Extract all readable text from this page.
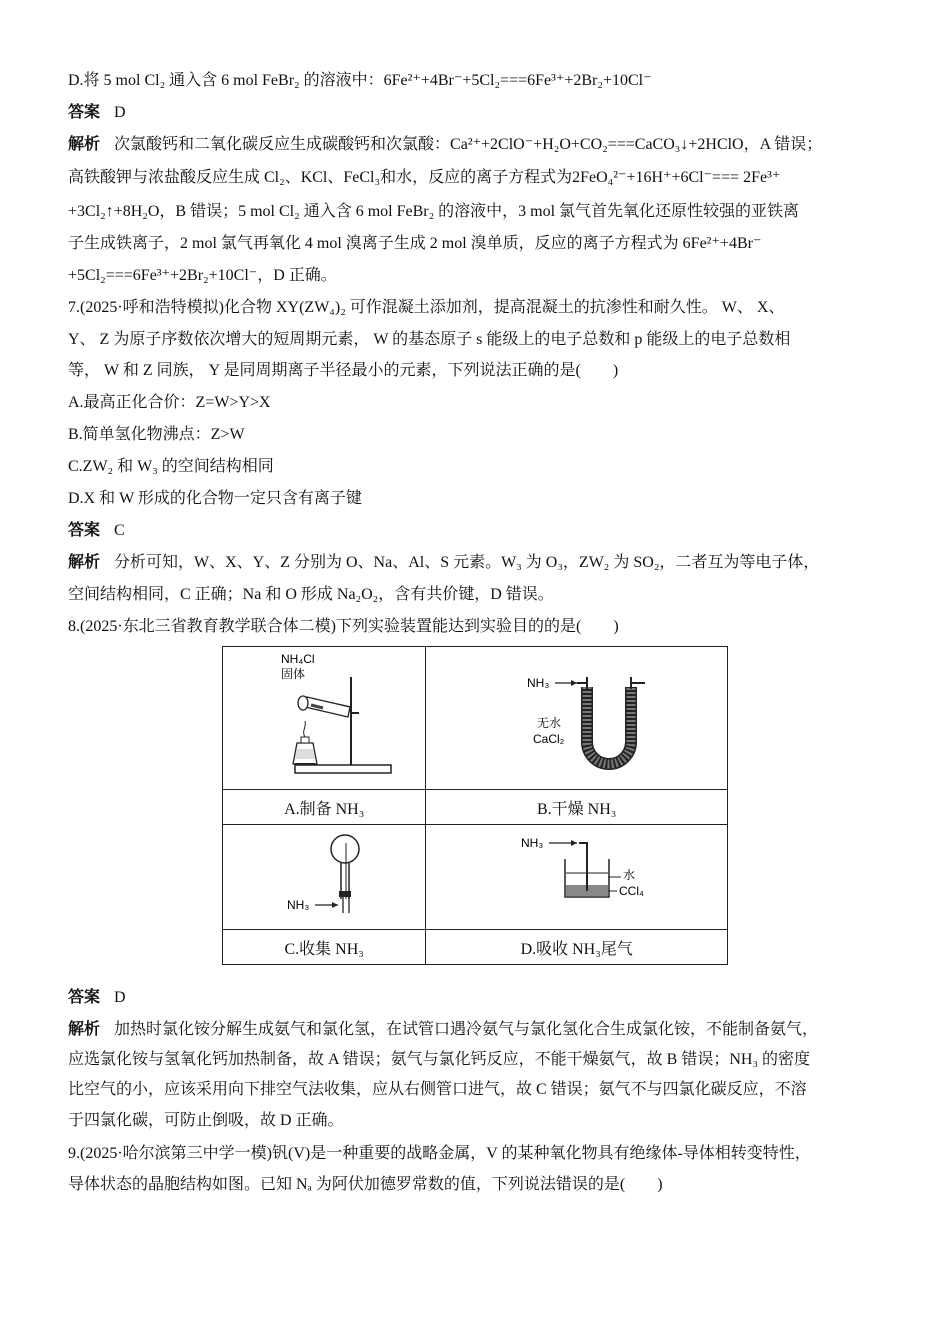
D.将 5 mol Cl₂ 通入含 6 mol FeBr₂ 的溶液中：6Fe²⁺+4Br⁻+5Cl₂===6Fe³⁺+2Br₂+10Cl⁻
答案 D
解析 次氯酸钙和二氧化碳反应生成碳酸钙和次氯酸：Ca²⁺+2ClO⁻+H₂O+CO₂===CaCO₃↓+2HClO，A 错误；
高铁酸钾与浓盐酸反应生成 Cl₂、KCl、FeCl₃和水，反应的离子方程式为2FeO₄²⁻+16H⁺+6Cl⁻=== 2Fe³⁺
+3Cl₂↑+8H₂O，B 错误；5 mol Cl₂ 通入含 6 mol FeBr₂ 的溶液中，3 mol 氯气首先氧化还原性较强的亚铁离
子生成铁离子，2 mol 氯气再氧化 4 mol 溴离子生成 2 mol 溴单质，反应的离子方程式为 6Fe²⁺+4Br⁻
+5Cl₂===6Fe³⁺+2Br₂+10Cl⁻，D 正确。
7.(2025·呼和浩特模拟)化合物 XY(ZW₄)₂ 可作混凝土添加剂，提高混凝土的抗渗性和耐久性。 W、 X、
Y、 Z 为原子序数依次增大的短周期元素， W 的基态原子 s 能级上的电子总数和 p 能级上的电子总数相
等， W 和 Z 同族， Y 是同周期离子半径最小的元素，下列说法正确的是(　　)
A.最高正化合价：Z=W>Y>X
B.简单氢化物沸点：Z>W
C.ZW₂ 和 W₃ 的空间结构相同
D.X 和 W 形成的化合物一定只含有离子键
答案 C
解析 分析可知，W、X、Y、Z 分别为 O、Na、Al、S 元素。W₃ 为 O₃，ZW₂ 为 SO₂，二者互为等电子体，
空间结构相同，C 正确；Na 和 O 形成 Na₂O₂，含有共价键，D 错误。
8.(2025·东北三省教育教学联合体二模)下列实验装置能达到实验目的的是(　　)
NH₄Cl
固体	NH₃
无水
CaCl₂

A.制备 NH₃	B.干燥 NH₃

NH₃	NH₃
水
CCl₄

C.收集 NH₃	D.吸收 NH₃尾气
答案 D
解析 加热时氯化铵分解生成氨气和氯化氢，在试管口遇冷氨气与氯化氢化合生成氯化铵，不能制备氨气，
应选氯化铵与氢氧化钙加热制备，故 A 错误；氨气与氯化钙反应，不能干燥氨气，故 B 错误；NH₃ 的密度
比空气的小，应该采用向下排空气法收集，应从右侧管口进气，故 C 错误；氨气不与四氯化碳反应，不溶
于四氯化碳，可防止倒吸，故 D 正确。
9.(2025·哈尔滨第三中学一模)钒(V)是一种重要的战略金属，V 的某种氧化物具有绝缘体-导体相转变特性，
导体状态的晶胞结构如图。已知 Nₐ 为阿伏加德罗常数的值，下列说法错误的是(　　)
